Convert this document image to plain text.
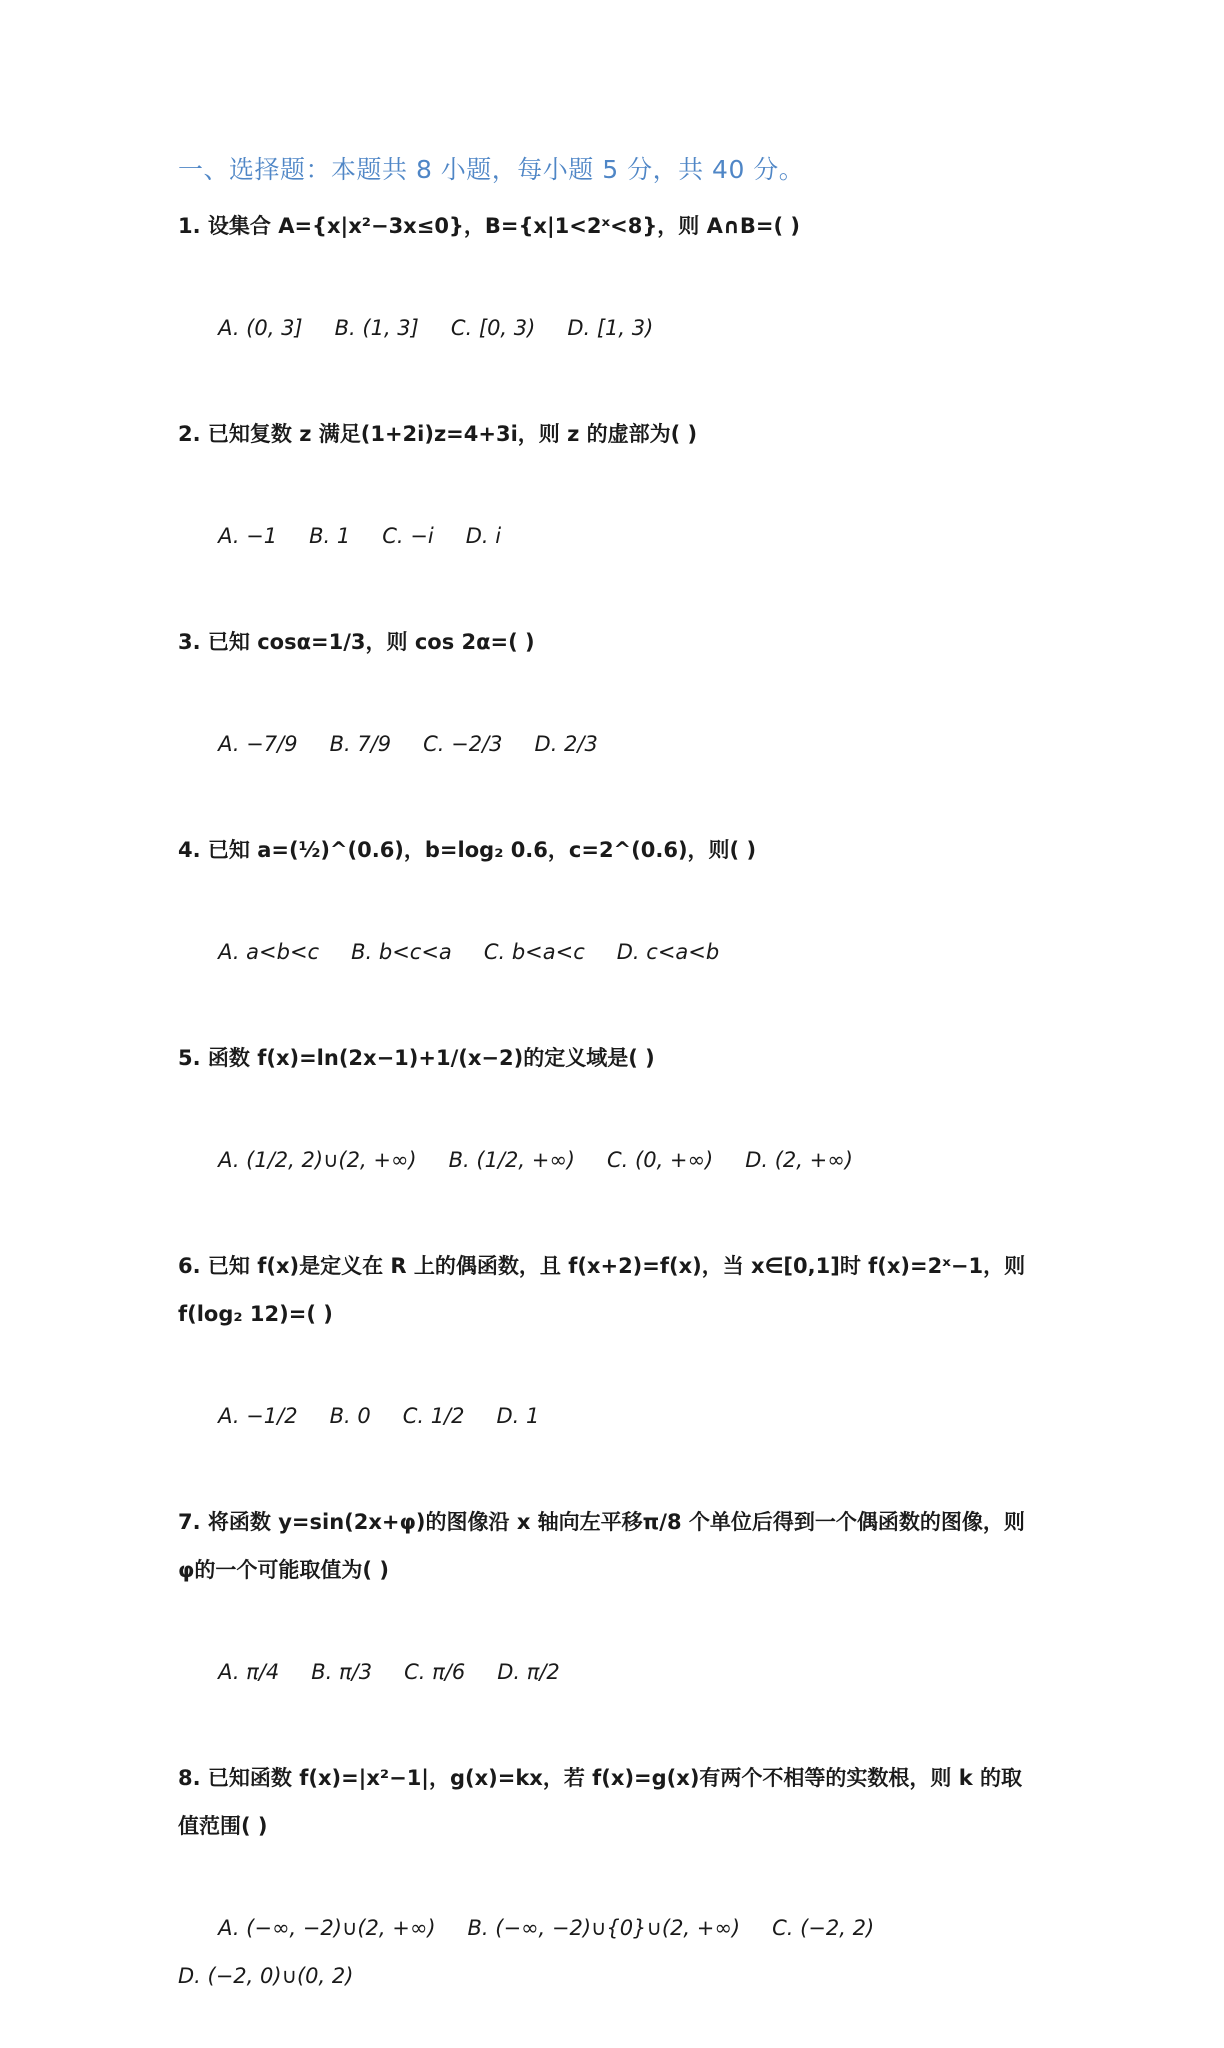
一、选择题：本题共 8 小题，每小题 5 分，共 40 分。
1. 设集合 A={x|x²−3x≤0}，B={x|1<2ˣ<8}，则 A∩B=( )

A. (0, 3] B. (1, 3] C. [0, 3) D. [1, 3)

2. 已知复数 z 满足(1+2i)z=4+3i，则 z 的虚部为( )

A. −1 B. 1 C. −i D. i

3. 已知 cosα=1/3，则 cos 2α=( )

A. −7/9 B. 7/9 C. −2/3 D. 2/3

4. 已知 a=(½)^(0.6)，b=log₂ 0.6，c=2^(0.6)，则( )

A. a<b<c B. b<c<a C. b<a<c D. c<a<b

5. 函数 f(x)=ln(2x−1)+1/(x−2)的定义域是( )

A. (1/2, 2)∪(2, +∞) B. (1/2, +∞) C. (0, +∞) D. (2, +∞)

6. 已知 f(x)是定义在 R 上的偶函数，且 f(x+2)=f(x)，当 x∈[0,1]时 f(x)=2ˣ−1，则 f(log₂ 12)=( )

A. −1/2 B. 0 C. 1/2 D. 1

7. 将函数 y=sin(2x+φ)的图像沿 x 轴向左平移π/8 个单位后得到一个偶函数的图像，则φ的一个可能取值为( )

A. π/4 B. π/3 C. π/6 D. π/2

8. 已知函数 f(x)=|x²−1|，g(x)=kx，若 f(x)=g(x)有两个不相等的实数根，则 k 的取值范围( )

A. (−∞, −2)∪(2, +∞) B. (−∞, −2)∪{0}∪(2, +∞) C. (−2, 2)D. (−2, 0)∪(0, 2)
